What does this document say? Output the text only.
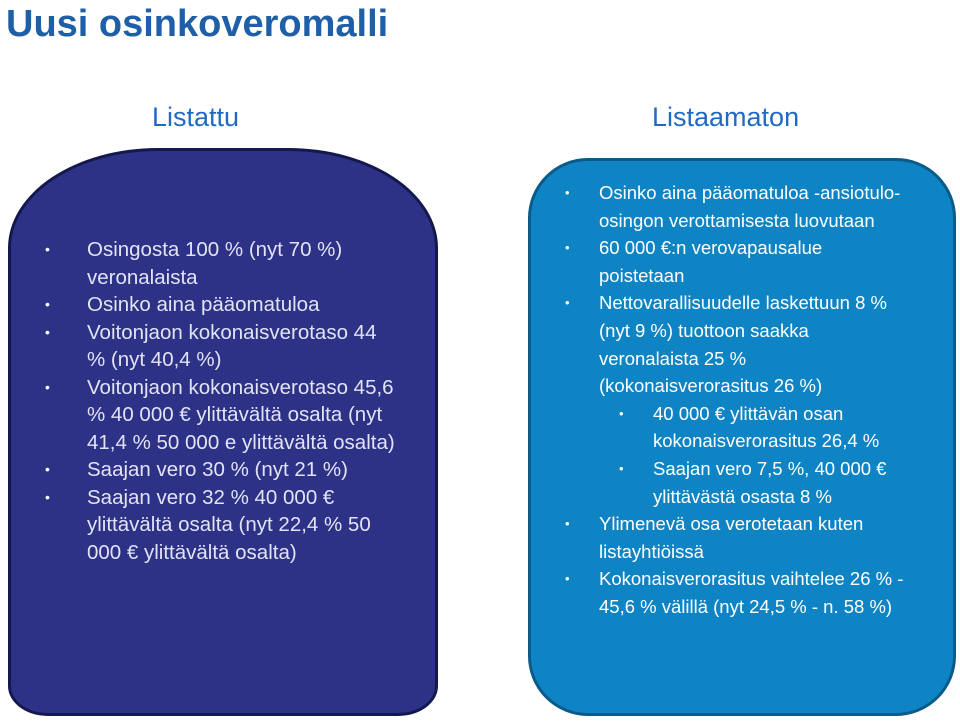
Uusi osinkoveromalli
Listattu	Listaamaton
• Osingosta 100 % (nyt 70 %) veronalaista
• Osinko aina pääomatuloa
• Voitonjaon kokonaisverotaso 44 % (nyt 40,4 %)
• Voitonjaon kokonaisverotaso 45,6 % 40 000 € ylittävältä osalta (nyt 41,4 % 50 000 e ylittävältä osalta)
• Saajan vero 30 % (nyt 21 %)
• Saajan vero 32 % 40 000 € ylittävältä osalta (nyt 22,4 % 50 000 € ylittävältä osalta)
• Osinko aina pääomatuloa -ansiotulo-osingon verottamisesta luovutaan
• 60 000 €:n verovapausalue poistetaan
• Nettovarallisuudelle laskettuun 8 % (nyt 9 %) tuottoon saakka veronalaista 25 % (kokonaisverorasitus 26 %)
• 40 000 € ylittävän osan kokonaisverorasitus 26,4 %
• Saajan vero 7,5 %, 40 000 € ylittävästä osasta 8 %
• Ylimenevä osa verotetaan kuten listayhtiöissä
• Kokonaisverorasitus vaihtelee 26 % - 45,6 % välillä (nyt 24,5 % - n. 58 %)
